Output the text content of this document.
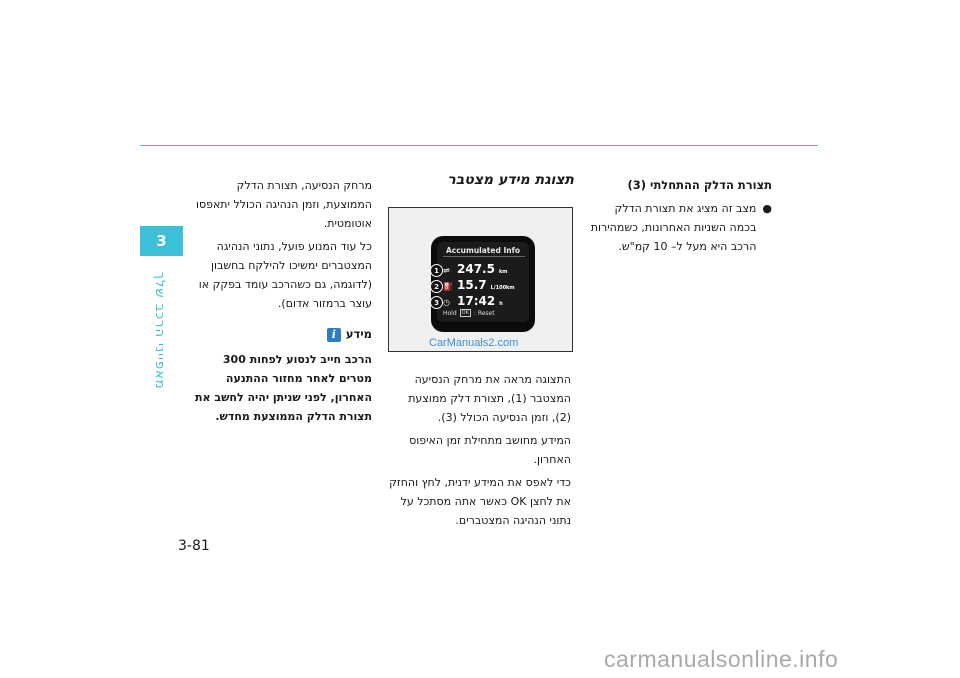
3
מאפייני הרכב שלך
3-81

תצורת הדלק ההתחלתי (3)

●
מצב זה מציג את תצורת הדלק בכמה השניות האחרונות, כשמהירות הרכב היא מעל ל– 10 קמ"ש.
תצוגת מידע מצטבר
Accumulated Info
⇌ 247.5 km
⛽ 15.7 L/100km
◷ 17:42 h
Hold	OK : Reset
1
2
3
CarManuals2.com

התצוגה מראה את מרחק הנסיעה המצטבר (1), תצורת דלק ממוצעת (2), וזמן הנסיעה הכולל (3).

המידע מחושב מתחילת זמן האיפוס האחרון.

כדי לאפס את המידע ידנית, לחץ והחזק את לחצן OK כאשר אתה מסתכל על נתוני הנהיגה המצטברים.

מרחק הנסיעה, תצורת הדלק הממוצעת, וזמן הנהיגה הכולל יתאפסו אוטומטית.

כל עוד המנוע פועל, נתוני הנהיגה המצטברים ימשיכו להילקח בחשבון (לדוגמה, גם כשהרכב עומד בפקק או עוצר ברמזור אדום).

מידע
i

הרכב חייב לנסוע לפחות 300 מטרים לאחר מחזור ההתנעה האחרון, לפני שניתן יהיה לחשב את תצורת הדלק הממוצעת מחדש.

carmanualsonline.info
